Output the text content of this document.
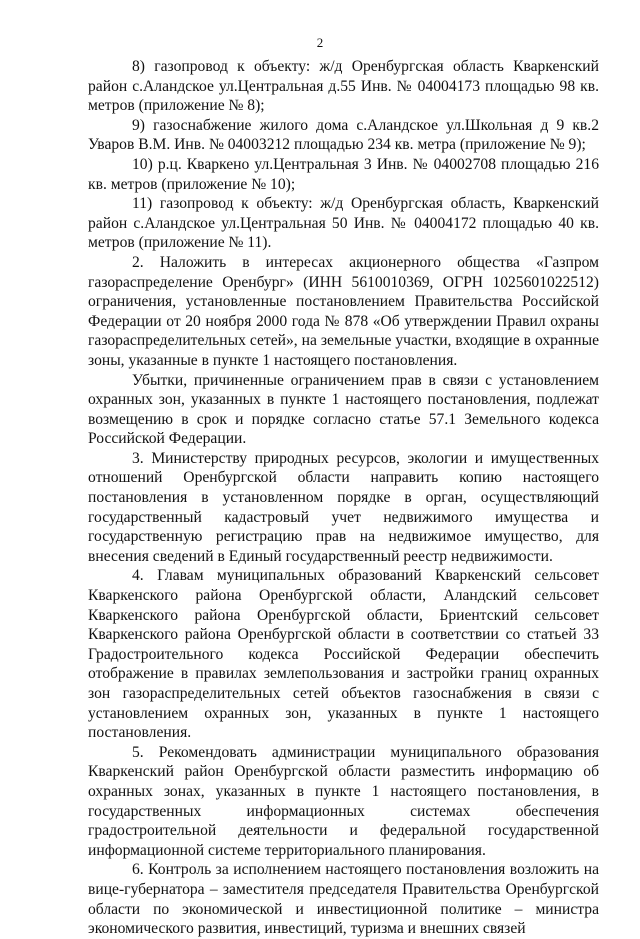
2

8) газопровод к объекту: ж/д Оренбургская область Кваркенский район с.Аландское ул.Центральная д.55 Инв. № 04004173 площадью 98 кв. метров (приложение № 8);

9) газоснабжение жилого дома с.Аландское ул.Школьная д 9 кв.2 Уваров В.М. Инв. № 04003212 площадью 234 кв. метра (приложение № 9);

10) р.ц. Кваркено ул.Центральная 3 Инв. № 04002708 площадью 216 кв. метров (приложение № 10);

11) газопровод к объекту: ж/д Оренбургская область, Кваркенский район с.Аландское ул.Центральная 50 Инв. № 04004172 площадью 40 кв. метров (приложение № 11).

2. Наложить в интересах акционерного общества «Газпром газораспределение Оренбург» (ИНН 5610010369, ОГРН 1025601022512) ограничения, установленные постановлением Правительства Российской Федерации от 20 ноября 2000 года № 878 «Об утверждении Правил охраны газораспределительных сетей», на земельные участки, входящие в охранные зоны, указанные в пункте 1 настоящего постановления.

Убытки, причиненные ограничением прав в связи с установлением охранных зон, указанных в пункте 1 настоящего постановления, подлежат возмещению в срок и порядке согласно статье 57.1 Земельного кодекса Российской Федерации.

3. Министерству природных ресурсов, экологии и имущественных отношений Оренбургской области направить копию настоящего постановления в установленном порядке в орган, осуществляющий государственный кадастровый учет недвижимого имущества и государственную регистрацию прав на недвижимое имущество, для внесения сведений в Единый государственный реестр недвижимости.

4. Главам муниципальных образований Кваркенский сельсовет Кваркенского района Оренбургской области, Аландский сельсовет Кваркенского района Оренбургской области, Бриентский сельсовет Кваркенского района Оренбургской области в соответствии со статьей 33 Градостроительного кодекса Российской Федерации обеспечить отображение в правилах землепользования и застройки границ охранных зон газораспределительных сетей объектов газоснабжения в связи с установлением охранных зон, указанных в пункте 1 настоящего постановления.

5. Рекомендовать администрации муниципального образования Кваркенский район Оренбургской области разместить информацию об охранных зонах, указанных в пункте 1 настоящего постановления, в государственных информационных системах обеспечения градостроительной деятельности и федеральной государственной информационной системе территориального планирования.

6. Контроль за исполнением настоящего постановления возложить на вице-губернатора – заместителя председателя Правительства Оренбургской области по экономической и инвестиционной политике – министра экономического развития, инвестиций, туризма и внешних связей
